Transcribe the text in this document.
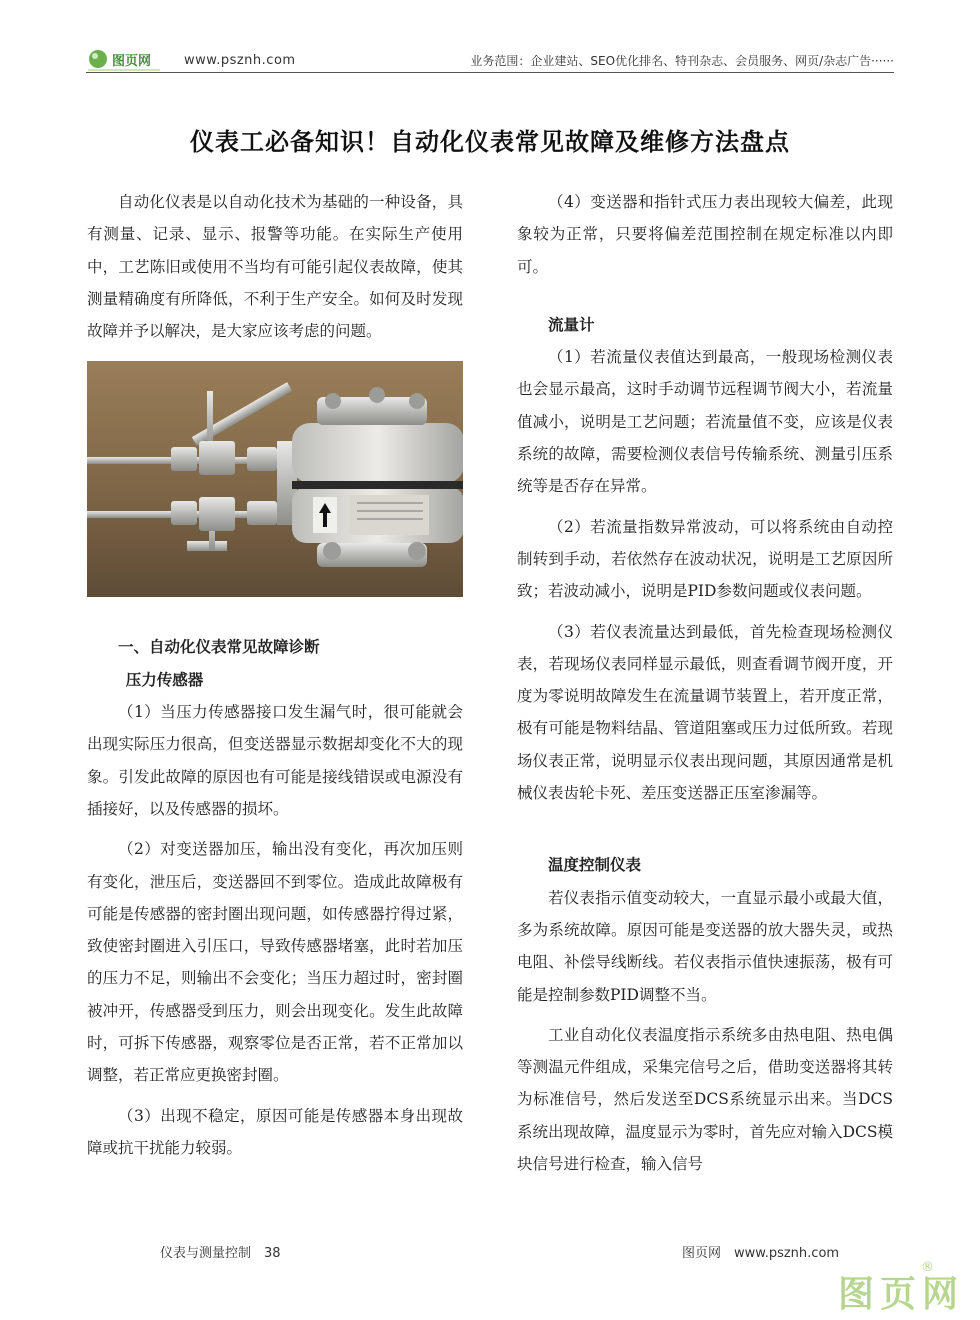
图页网	www.psznh.com	业务范围：企业建站、SEO优化排名、特刊杂志、会员服务、网页/杂志广告······
仪表工必备知识！自动化仪表常见故障及维修方法盘点

自动化仪表是以自动化技术为基础的一种设备，具有测量、记录、显示、报警等功能。在实际生产使用中，工艺陈旧或使用不当均有可能引起仪表故障，使其测量精确度有所降低，不利于生产安全。如何及时发现故障并予以解决，是大家应该考虑的问题。

一、自动化仪表常见故障诊断
压力传感器

（1）当压力传感器接口发生漏气时，很可能就会出现实际压力很高，但变送器显示数据却变化不大的现象。引发此故障的原因也有可能是接线错误或电源没有插接好，以及传感器的损坏。

（2）对变送器加压，输出没有变化，再次加压则有变化，泄压后，变送器回不到零位。造成此故障极有可能是传感器的密封圈出现问题，如传感器拧得过紧，致使密封圈进入引压口，导致传感器堵塞，此时若加压的压力不足，则输出不会变化；当压力超过时，密封圈被冲开，传感器受到压力，则会出现变化。发生此故障时，可拆下传感器，观察零位是否正常，若不正常加以调整，若正常应更换密封圈。

（3）出现不稳定，原因可能是传感器本身出现故障或抗干扰能力较弱。

（4）变送器和指针式压力表出现较大偏差，此现象较为正常，只要将偏差范围控制在规定标准以内即可。

流量计

（1）若流量仪表值达到最高，一般现场检测仪表也会显示最高，这时手动调节远程调节阀大小，若流量值减小，说明是工艺问题；若流量值不变，应该是仪表系统的故障，需要检测仪表信号传输系统、测量引压系统等是否存在异常。

（2）若流量指数异常波动，可以将系统由自动控制转到手动，若依然存在波动状况，说明是工艺原因所致；若波动减小，说明是PID参数问题或仪表问题。

（3）若仪表流量达到最低，首先检查现场检测仪表，若现场仪表同样显示最低，则查看调节阀开度，开度为零说明故障发生在流量调节装置上，若开度正常，极有可能是物料结晶、管道阻塞或压力过低所致。若现场仪表正常，说明显示仪表出现问题，其原因通常是机械仪表齿轮卡死、差压变送器正压室渗漏等。

温度控制仪表

若仪表指示值变动较大，一直显示最小或最大值，多为系统故障。原因可能是变送器的放大器失灵，或热电阻、补偿导线断线。若仪表指示值快速振荡，极有可能是控制参数PID调整不当。

工业自动化仪表温度指示系统多由热电阻、热电偶等测温元件组成，采集完信号之后，借助变送器将其转为标准信号，然后发送至DCS系统显示出来。当DCS系统出现故障，温度显示为零时，首先应对输入DCS模块信号进行检查，输入信号

仪表与测量控制　38	图页网　www.psznh.com
图页网
®
